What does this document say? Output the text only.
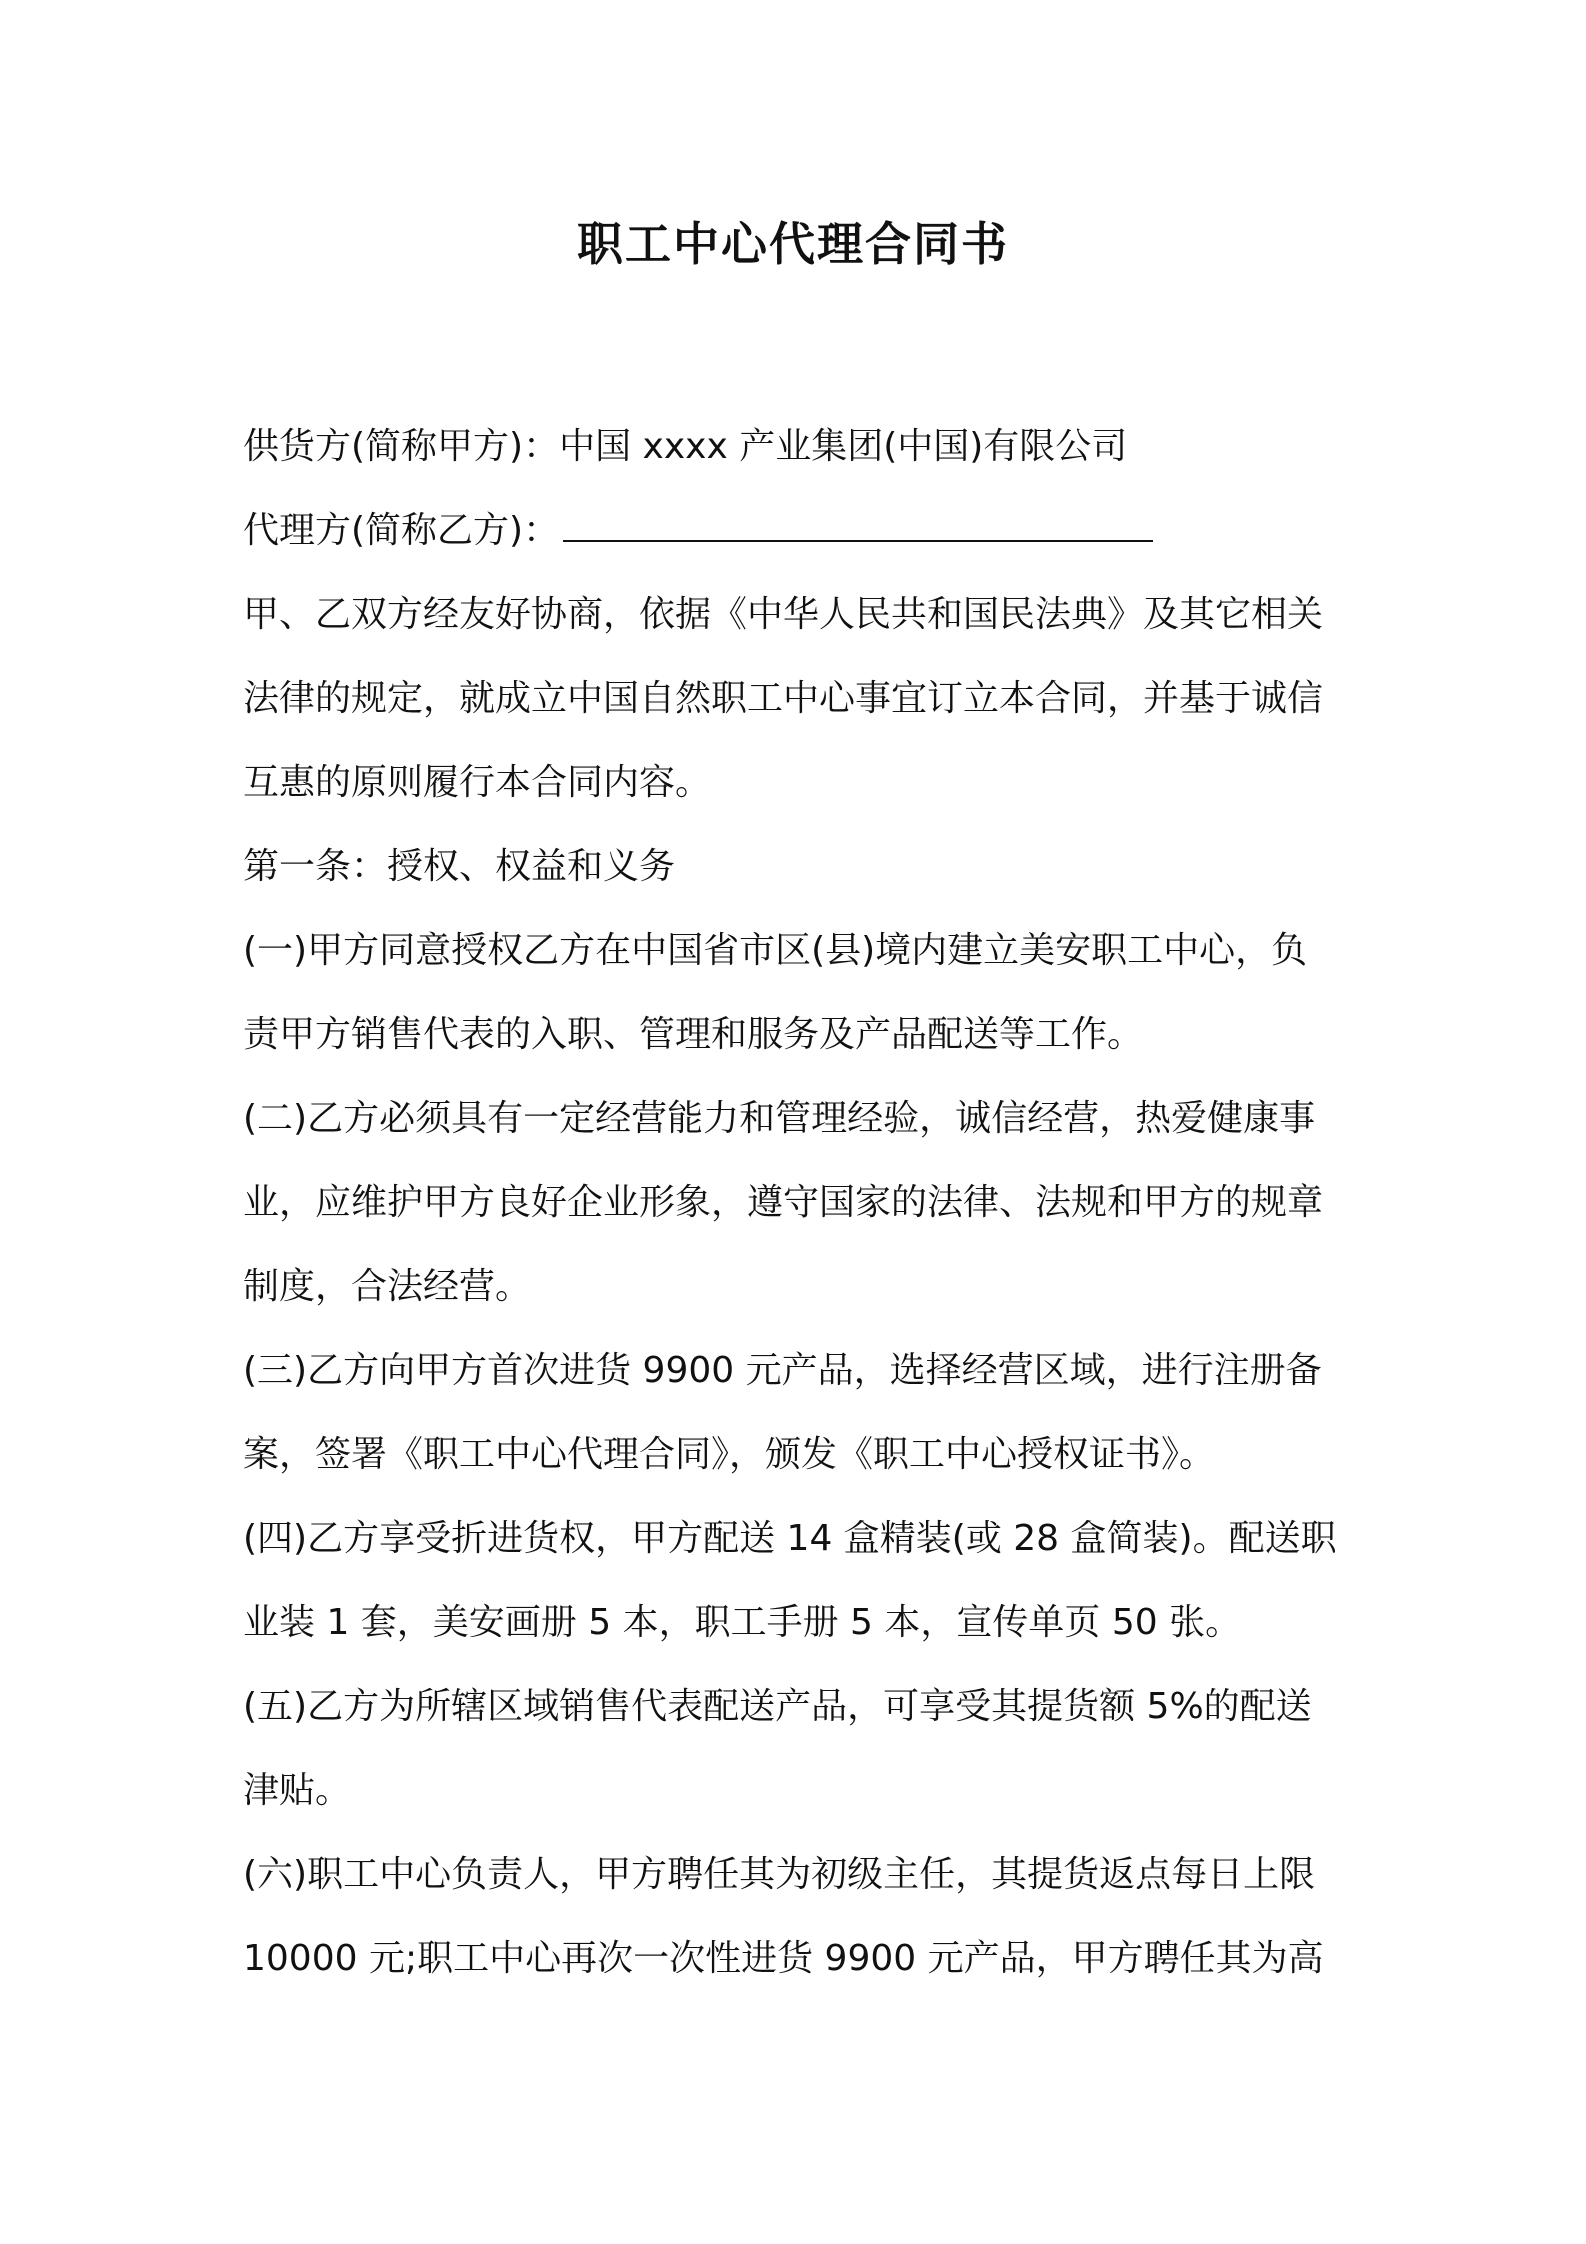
职工中心代理合同书
供货方(简称甲方)：中国 xxxx 产业集团(中国)有限公司
代理方(简称乙方)：
甲、乙双方经友好协商，依据《中华人民共和国民法典》及其它相关
法律的规定，就成立中国自然职工中心事宜订立本合同，并基于诚信
互惠的原则履行本合同内容。
第一条：授权、权益和义务
(一)甲方同意授权乙方在中国省市区(县)境内建立美安职工中心，负
责甲方销售代表的入职、管理和服务及产品配送等工作。
(二)乙方必须具有一定经营能力和管理经验，诚信经营，热爱健康事
业，应维护甲方良好企业形象，遵守国家的法律、法规和甲方的规章
制度，合法经营。
(三)乙方向甲方首次进货 9900 元产品，选择经营区域，进行注册备
案，签署《职工中心代理合同》，颁发《职工中心授权证书》。
(四)乙方享受折进货权，甲方配送 14 盒精装(或 28 盒简装)。配送职
业装 1 套，美安画册 5 本，职工手册 5 本，宣传单页 50 张。
(五)乙方为所辖区域销售代表配送产品，可享受其提货额 5%的配送
津贴。
(六)职工中心负责人，甲方聘任其为初级主任，其提货返点每日上限
10000 元;职工中心再次一次性进货 9900 元产品，甲方聘任其为高
